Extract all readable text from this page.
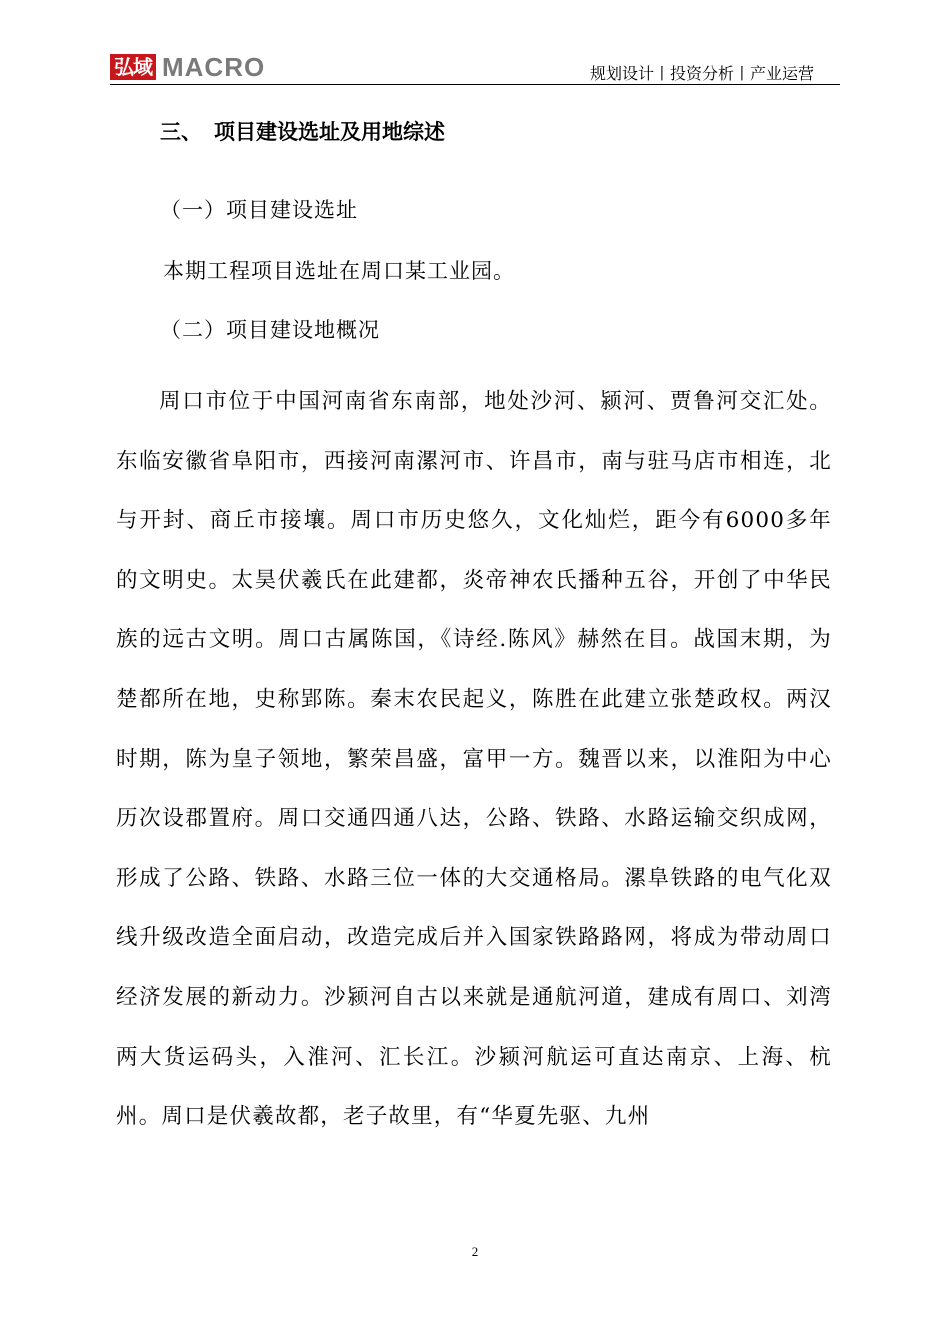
弘域 MACRO	规划设计丨投资分析丨产业运营
三、 项目建设选址及用地综述
（一）项目建设选址
本期工程项目选址在周口某工业园。
（二）项目建设地概况

周口市位于中国河南省东南部，地处沙河、颍河、贾鲁河交汇处。东临安徽省阜阳市，西接河南漯河市、许昌市，南与驻马店市相连，北与开封、商丘市接壤。周口市历史悠久，文化灿烂，距今有6000多年的文明史。太昊伏羲氏在此建都，炎帝神农氏播种五谷，开创了中华民族的远古文明。周口古属陈国，《诗经.陈风》赫然在目。战国末期，为楚都所在地，史称郢陈。秦末农民起义，陈胜在此建立张楚政权。两汉时期，陈为皇子领地，繁荣昌盛，富甲一方。魏晋以来，以淮阳为中心历次设郡置府。周口交通四通八达，公路、铁路、水路运输交织成网，形成了公路、铁路、水路三位一体的大交通格局。漯阜铁路的电气化双线升级改造全面启动，改造完成后并入国家铁路路网，将成为带动周口经济发展的新动力。沙颍河自古以来就是通航河道，建成有周口、刘湾两大货运码头，入淮河、汇长江。沙颍河航运可直达南京、上海、杭州。周口是伏羲故都，老子故里，有“华夏先驱、九州

2
